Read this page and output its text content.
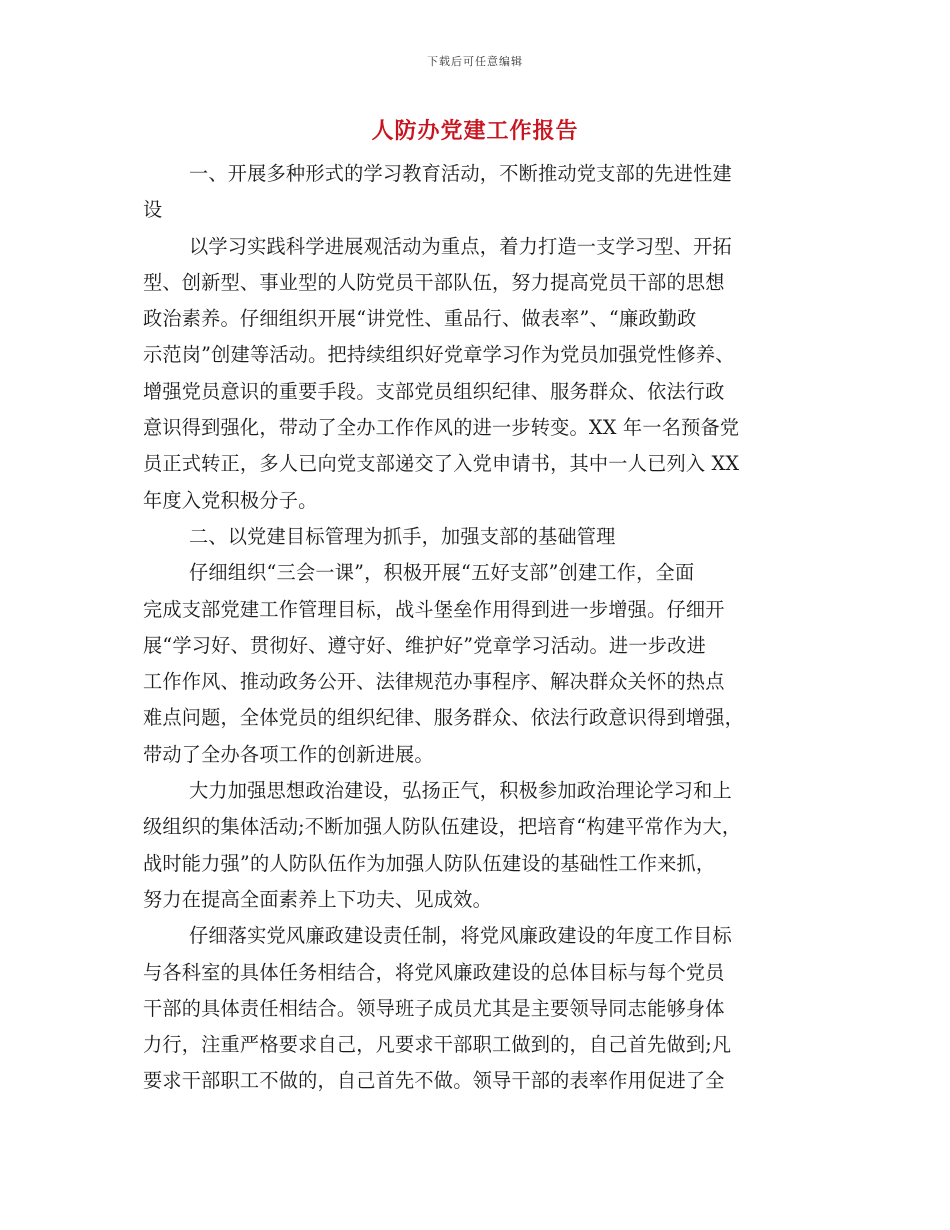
下载后可任意编辑
人防办党建工作报告
一、开展多种形式的学习教育活动，不断推动党支部的先进性建
设
以学习实践科学进展观活动为重点，着力打造一支学习型、开拓
型、创新型、事业型的人防党员干部队伍，努力提高党员干部的思想
政治素养。仔细组织开展“讲党性、重品行、做表率”、“廉政勤政
示范岗”创建等活动。把持续组织好党章学习作为党员加强党性修养、
增强党员意识的重要手段。支部党员组织纪律、服务群众、依法行政
意识得到强化，带动了全办工作作风的进一步转变。XX 年一名预备党
员正式转正，多人已向党支部递交了入党申请书，其中一人已列入 XX
年度入党积极分子。
二、以党建目标管理为抓手，加强支部的基础管理
仔细组织“三会一课”，积极开展“五好支部”创建工作，全面
完成支部党建工作管理目标，战斗堡垒作用得到进一步增强。仔细开
展“学习好、贯彻好、遵守好、维护好”党章学习活动。进一步改进
工作作风、推动政务公开、法律规范办事程序、解决群众关怀的热点
难点问题，全体党员的组织纪律、服务群众、依法行政意识得到增强，
带动了全办各项工作的创新进展。
大力加强思想政治建设，弘扬正气，积极参加政治理论学习和上
级组织的集体活动;不断加强人防队伍建设，把培育“构建平常作为大，
战时能力强”的人防队伍作为加强人防队伍建设的基础性工作来抓，
努力在提高全面素养上下功夫、见成效。
仔细落实党风廉政建设责任制，将党风廉政建设的年度工作目标
与各科室的具体任务相结合，将党风廉政建设的总体目标与每个党员
干部的具体责任相结合。领导班子成员尤其是主要领导同志能够身体
力行，注重严格要求自己，凡要求干部职工做到的，自己首先做到;凡
要求干部职工不做的，自己首先不做。领导干部的表率作用促进了全
